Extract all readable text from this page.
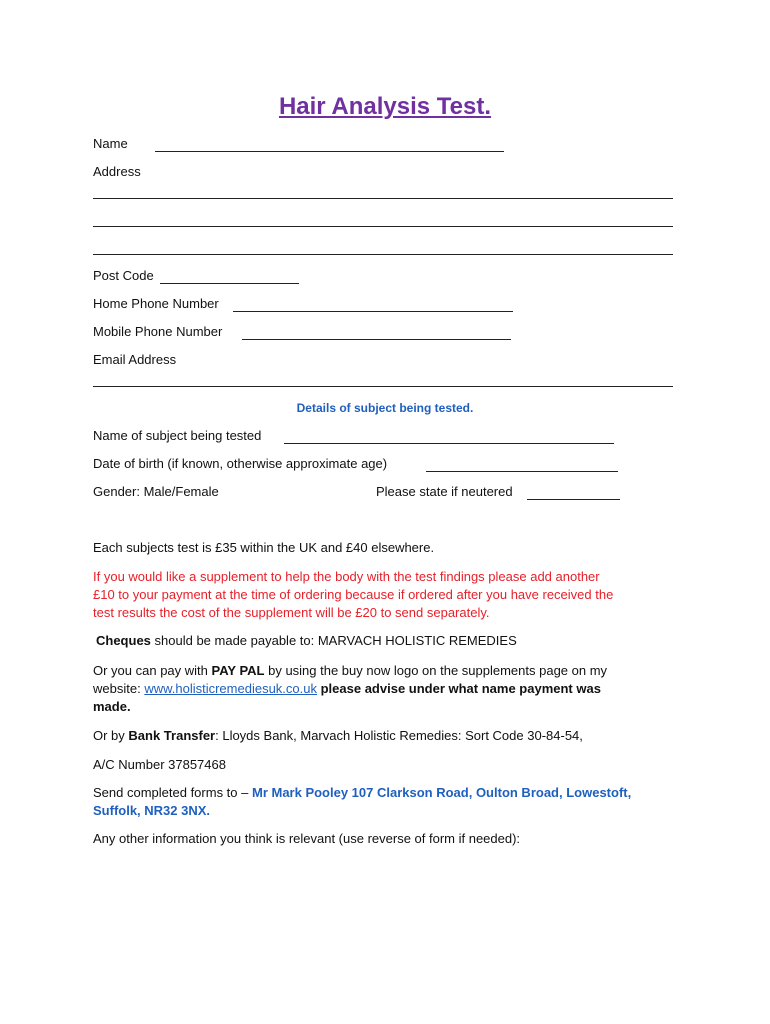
Hair Analysis Test.
Name
Address
Post Code
Home Phone Number
Mobile Phone Number
Email Address
Details of subject being tested.
Name of subject being tested
Date of birth (if known, otherwise approximate age)
Gender: Male/Female	Please state if neutered
Each subjects test is £35 within the UK and £40 elsewhere.
If you would like a supplement to help the body with the test findings please add another
£10 to your payment at the time of ordering because if ordered after you have received the
test results the cost of the supplement will be £20 to send separately.
Cheques should be made payable to: MARVACH HOLISTIC REMEDIES
Or you can pay with PAY PAL by using the buy now logo on the supplements page on my
website: www.holisticremediesuk.co.uk please advise under what name payment was
made.
Or by Bank Transfer: Lloyds Bank, Marvach Holistic Remedies: Sort Code 30-84-54,
A/C Number 37857468
Send completed forms to – Mr Mark Pooley 107 Clarkson Road, Oulton Broad, Lowestoft,
Suffolk, NR32 3NX.
Any other information you think is relevant (use reverse of form if needed):
